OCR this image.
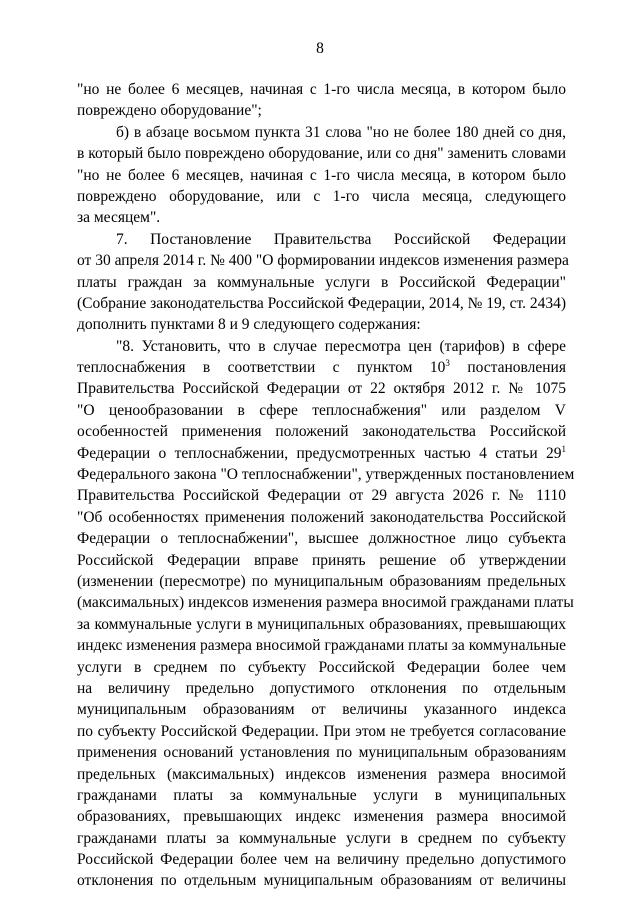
8
"но не более 6 месяцев, начиная с 1-го числа месяца, в котором было
повреждено оборудование";
б) в абзаце восьмом пункта 31 слова "но не более 180 дней со дня,
в который было повреждено оборудование, или со дня" заменить словами
"но не более 6 месяцев, начиная с 1-го числа месяца, в котором было
повреждено оборудование, или с 1-го числа месяца, следующего
за месяцем".
7. Постановление Правительства Российской Федерации
от 30 апреля 2014 г. № 400 "О формировании индексов изменения размера
платы граждан за коммунальные услуги в Российской Федерации"
(Собрание законодательства Российской Федерации, 2014, № 19, ст. 2434)
дополнить пунктами 8 и 9 следующего содержания:
"8. Установить, что в случае пересмотра цен (тарифов) в сфере
теплоснабжения в соответствии с пунктом $10^3$ постановления
Правительства Российской Федерации от 22 октября 2012 г. № 1075
"О ценообразовании в сфере теплоснабжения" или разделом V
особенностей применения положений законодательства Российской
Федерации о теплоснабжении, предусмотренных частью 4 статьи $29^1$
Федерального закона "О теплоснабжении", утвержденных постановлением
Правительства Российской Федерации от 29 августа 2026 г. № 1110
"Об особенностях применения положений законодательства Российской
Федерации о теплоснабжении", высшее должностное лицо субъекта
Российской Федерации вправе принять решение об утверждении
(изменении (пересмотре) по муниципальным образованиям предельных
(максимальных) индексов изменения размера вносимой гражданами платы
за коммунальные услуги в муниципальных образованиях, превышающих
индекс изменения размера вносимой гражданами платы за коммунальные
услуги в среднем по субъекту Российской Федерации более чем
на величину предельно допустимого отклонения по отдельным
муниципальным образованиям от величины указанного индекса
по субъекту Российской Федерации. При этом не требуется согласование
применения оснований установления по муниципальным образованиям
предельных (максимальных) индексов изменения размера вносимой
гражданами платы за коммунальные услуги в муниципальных
образованиях, превышающих индекс изменения размера вносимой
гражданами платы за коммунальные услуги в среднем по субъекту
Российской Федерации более чем на величину предельно допустимого
отклонения по отдельным муниципальным образованиям от величины
